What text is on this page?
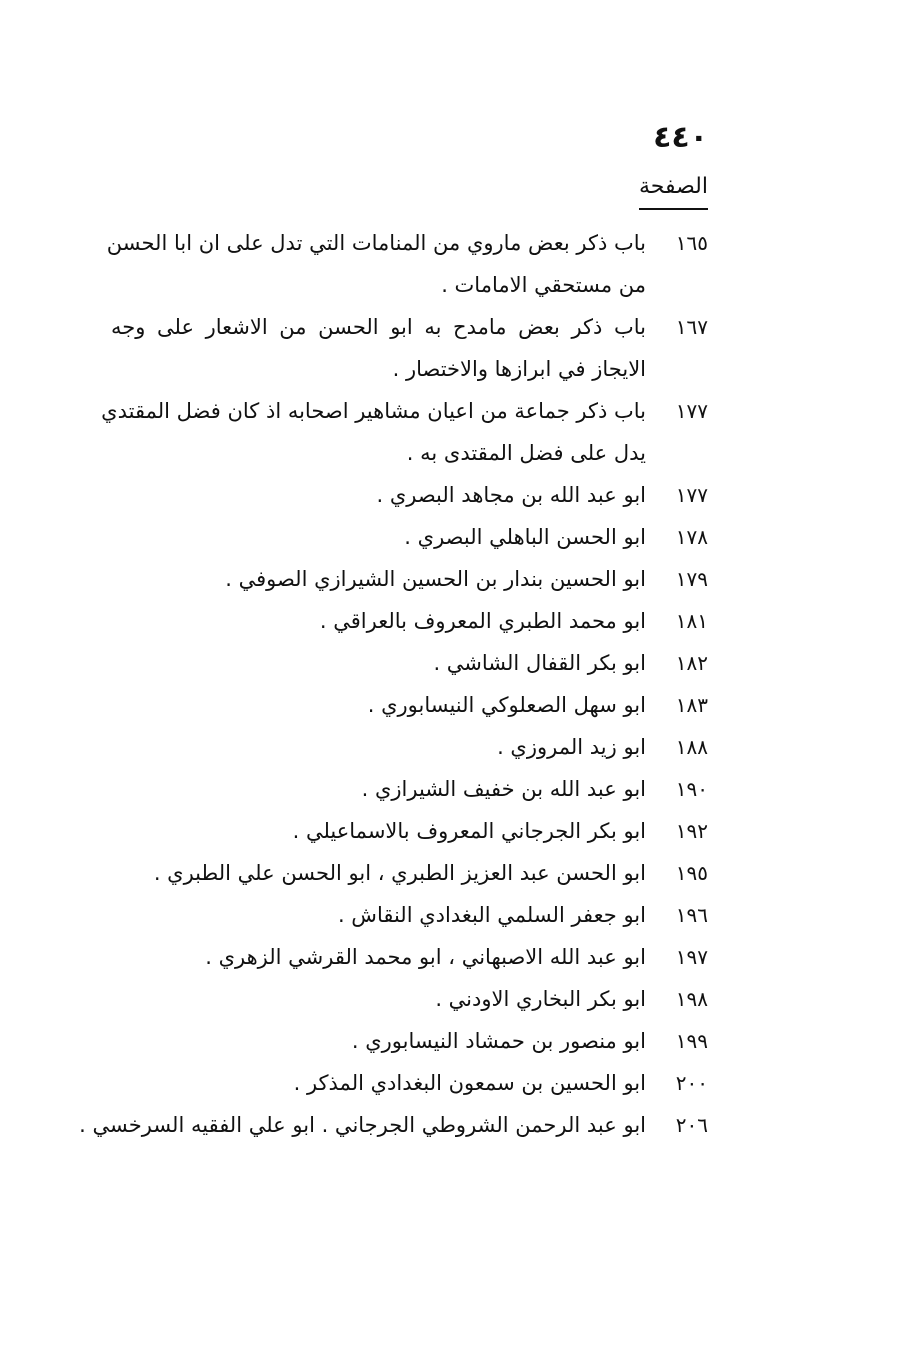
٤٤٠
الصفحة
١٦٥
باب ذكر بعض ماروي من المنامات التي تدل على ان ابا الحسن
من مستحقي الامامات .
١٦٧
باب ذكر بعض مامدح به ابو الحسن من الاشعار على وجه
الايجاز في ابرازها والاختصار .
١٧٧
باب ذكر جماعة من اعيان مشاهير اصحابه اذ كان فضل المقتدي
يدل على فضل المقتدى به .
١٧٧
ابو عبد الله بن مجاهد البصري .
١٧٨
ابو الحسن الباهلي البصري .
١٧٩
ابو الحسين بندار بن الحسين الشيرازي الصوفي .
١٨١
ابو محمد الطبري المعروف بالعراقي .
١٨٢
ابو بكر القفال الشاشي .
١٨٣
ابو سهل الصعلوكي النيسابوري .
١٨٨
ابو زيد المروزي .
١٩٠
ابو عبد الله بن خفيف الشيرازي .
١٩٢
ابو بكر الجرجاني المعروف بالاسماعيلي .
١٩٥
ابو الحسن عبد العزيز الطبري ، ابو الحسن علي الطبري .
١٩٦
ابو جعفر السلمي البغدادي النقاش .
١٩٧
ابو عبد الله الاصبهاني ، ابو محمد القرشي الزهري .
١٩٨
ابو بكر البخاري الاودني .
١٩٩
ابو منصور بن حمشاد النيسابوري .
٢٠٠
ابو الحسين بن سمعون البغدادي المذكر .
٢٠٦
ابو عبد الرحمن الشروطي الجرجاني . ابو علي الفقيه السرخسي .
